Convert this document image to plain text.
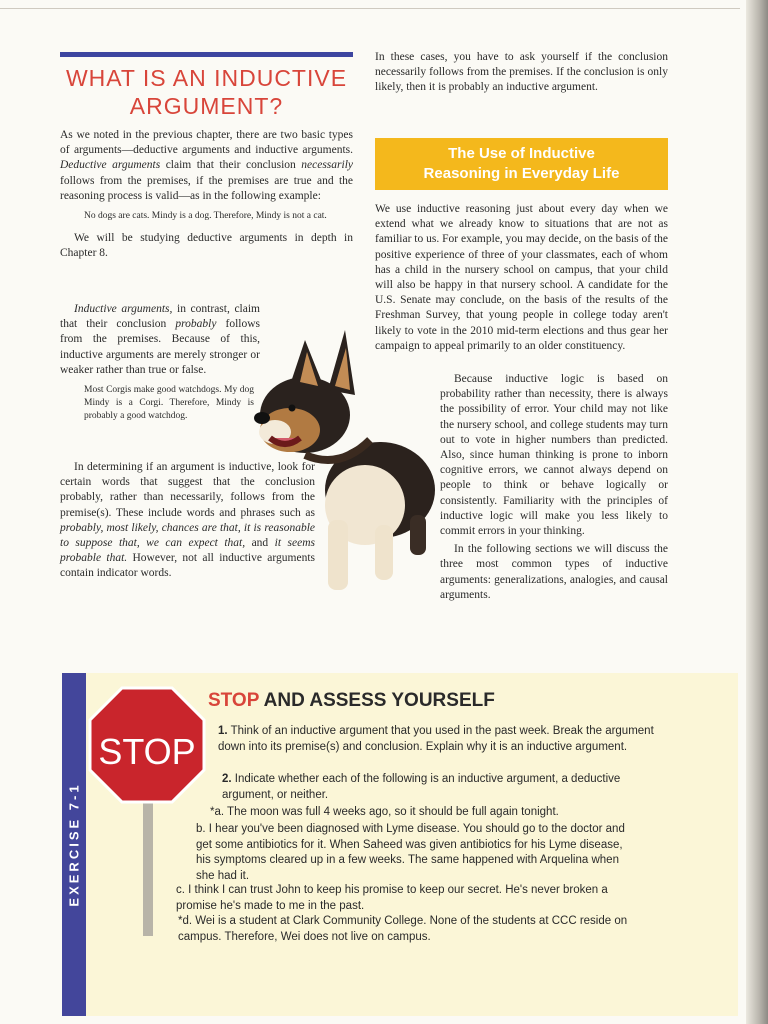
WHAT IS AN INDUCTIVE ARGUMENT?

As we noted in the previous chapter, there are two basic types of arguments—deductive arguments and inductive arguments. Deductive arguments claim that their conclusion necessarily follows from the premises, if the premises are true and the reasoning process is valid—as in the following example:

No dogs are cats. Mindy is a dog. Therefore, Mindy is not a cat.

We will be studying deductive arguments in depth in Chapter 8.

Inductive arguments, in contrast, claim that their conclusion probably follows from the premises. Because of this, inductive arguments are merely stronger or weaker rather than true or false.

Most Corgis make good watchdogs. My dog Mindy is a Corgi. Therefore, Mindy is probably a good watchdog.

In determining if an argument is inductive, look for certain words that suggest that the conclusion probably, rather than necessarily, follows from the premise(s). These include words and phrases such as probably, most likely, chances are that, it is reasonable to suppose that, we can expect that, and it seems probable that. However, not all inductive arguments contain indicator words.

In these cases, you have to ask yourself if the conclusion necessarily follows from the premises. If the conclusion is only likely, then it is probably an inductive argument.

The Use of Inductive Reasoning in Everyday Life

We use inductive reasoning just about every day when we extend what we already know to situations that are not as familiar to us. For example, you may decide, on the basis of the positive experience of three of your classmates, each of whom has a child in the nursery school on campus, that your child will also be happy in that nursery school. A candidate for the U.S. Senate may conclude, on the basis of the results of the Freshman Survey, that young people in college today aren't likely to vote in the 2010 mid-term elections and thus gear her campaign to appeal primarily to an older constituency.

Because inductive logic is based on probability rather than necessity, there is always the possibility of error. Your child may not like the nursery school, and college students may turn out to vote in higher numbers than predicted. Also, since human thinking is prone to inborn cognitive errors, we cannot always depend on people to think or behave logically or consistently. Familiarity with the principles of inductive logic will make you less likely to commit errors in your thinking.

In the following sections we will discuss the three most common types of inductive arguments: generalizations, analogies, and causal arguments.

EXERCISE 7-1
STOP
STOP AND ASSESS YOURSELF
1. Think of an inductive argument that you used in the past week. Break the argument down into its premise(s) and conclusion. Explain why it is an inductive argument.
2. Indicate whether each of the following is an inductive argument, a deductive argument, or neither.
*a. The moon was full 4 weeks ago, so it should be full again tonight.
b. I hear you've been diagnosed with Lyme disease. You should go to the doctor and get some antibiotics for it. When Saheed was given antibiotics for his Lyme disease, his symptoms cleared up in a few weeks. The same happened with Arquelina when she had it.
c. I think I can trust John to keep his promise to keep our secret. He's never broken a promise he's made to me in the past.
*d. Wei is a student at Clark Community College. None of the students at CCC reside on campus. Therefore, Wei does not live on campus.
